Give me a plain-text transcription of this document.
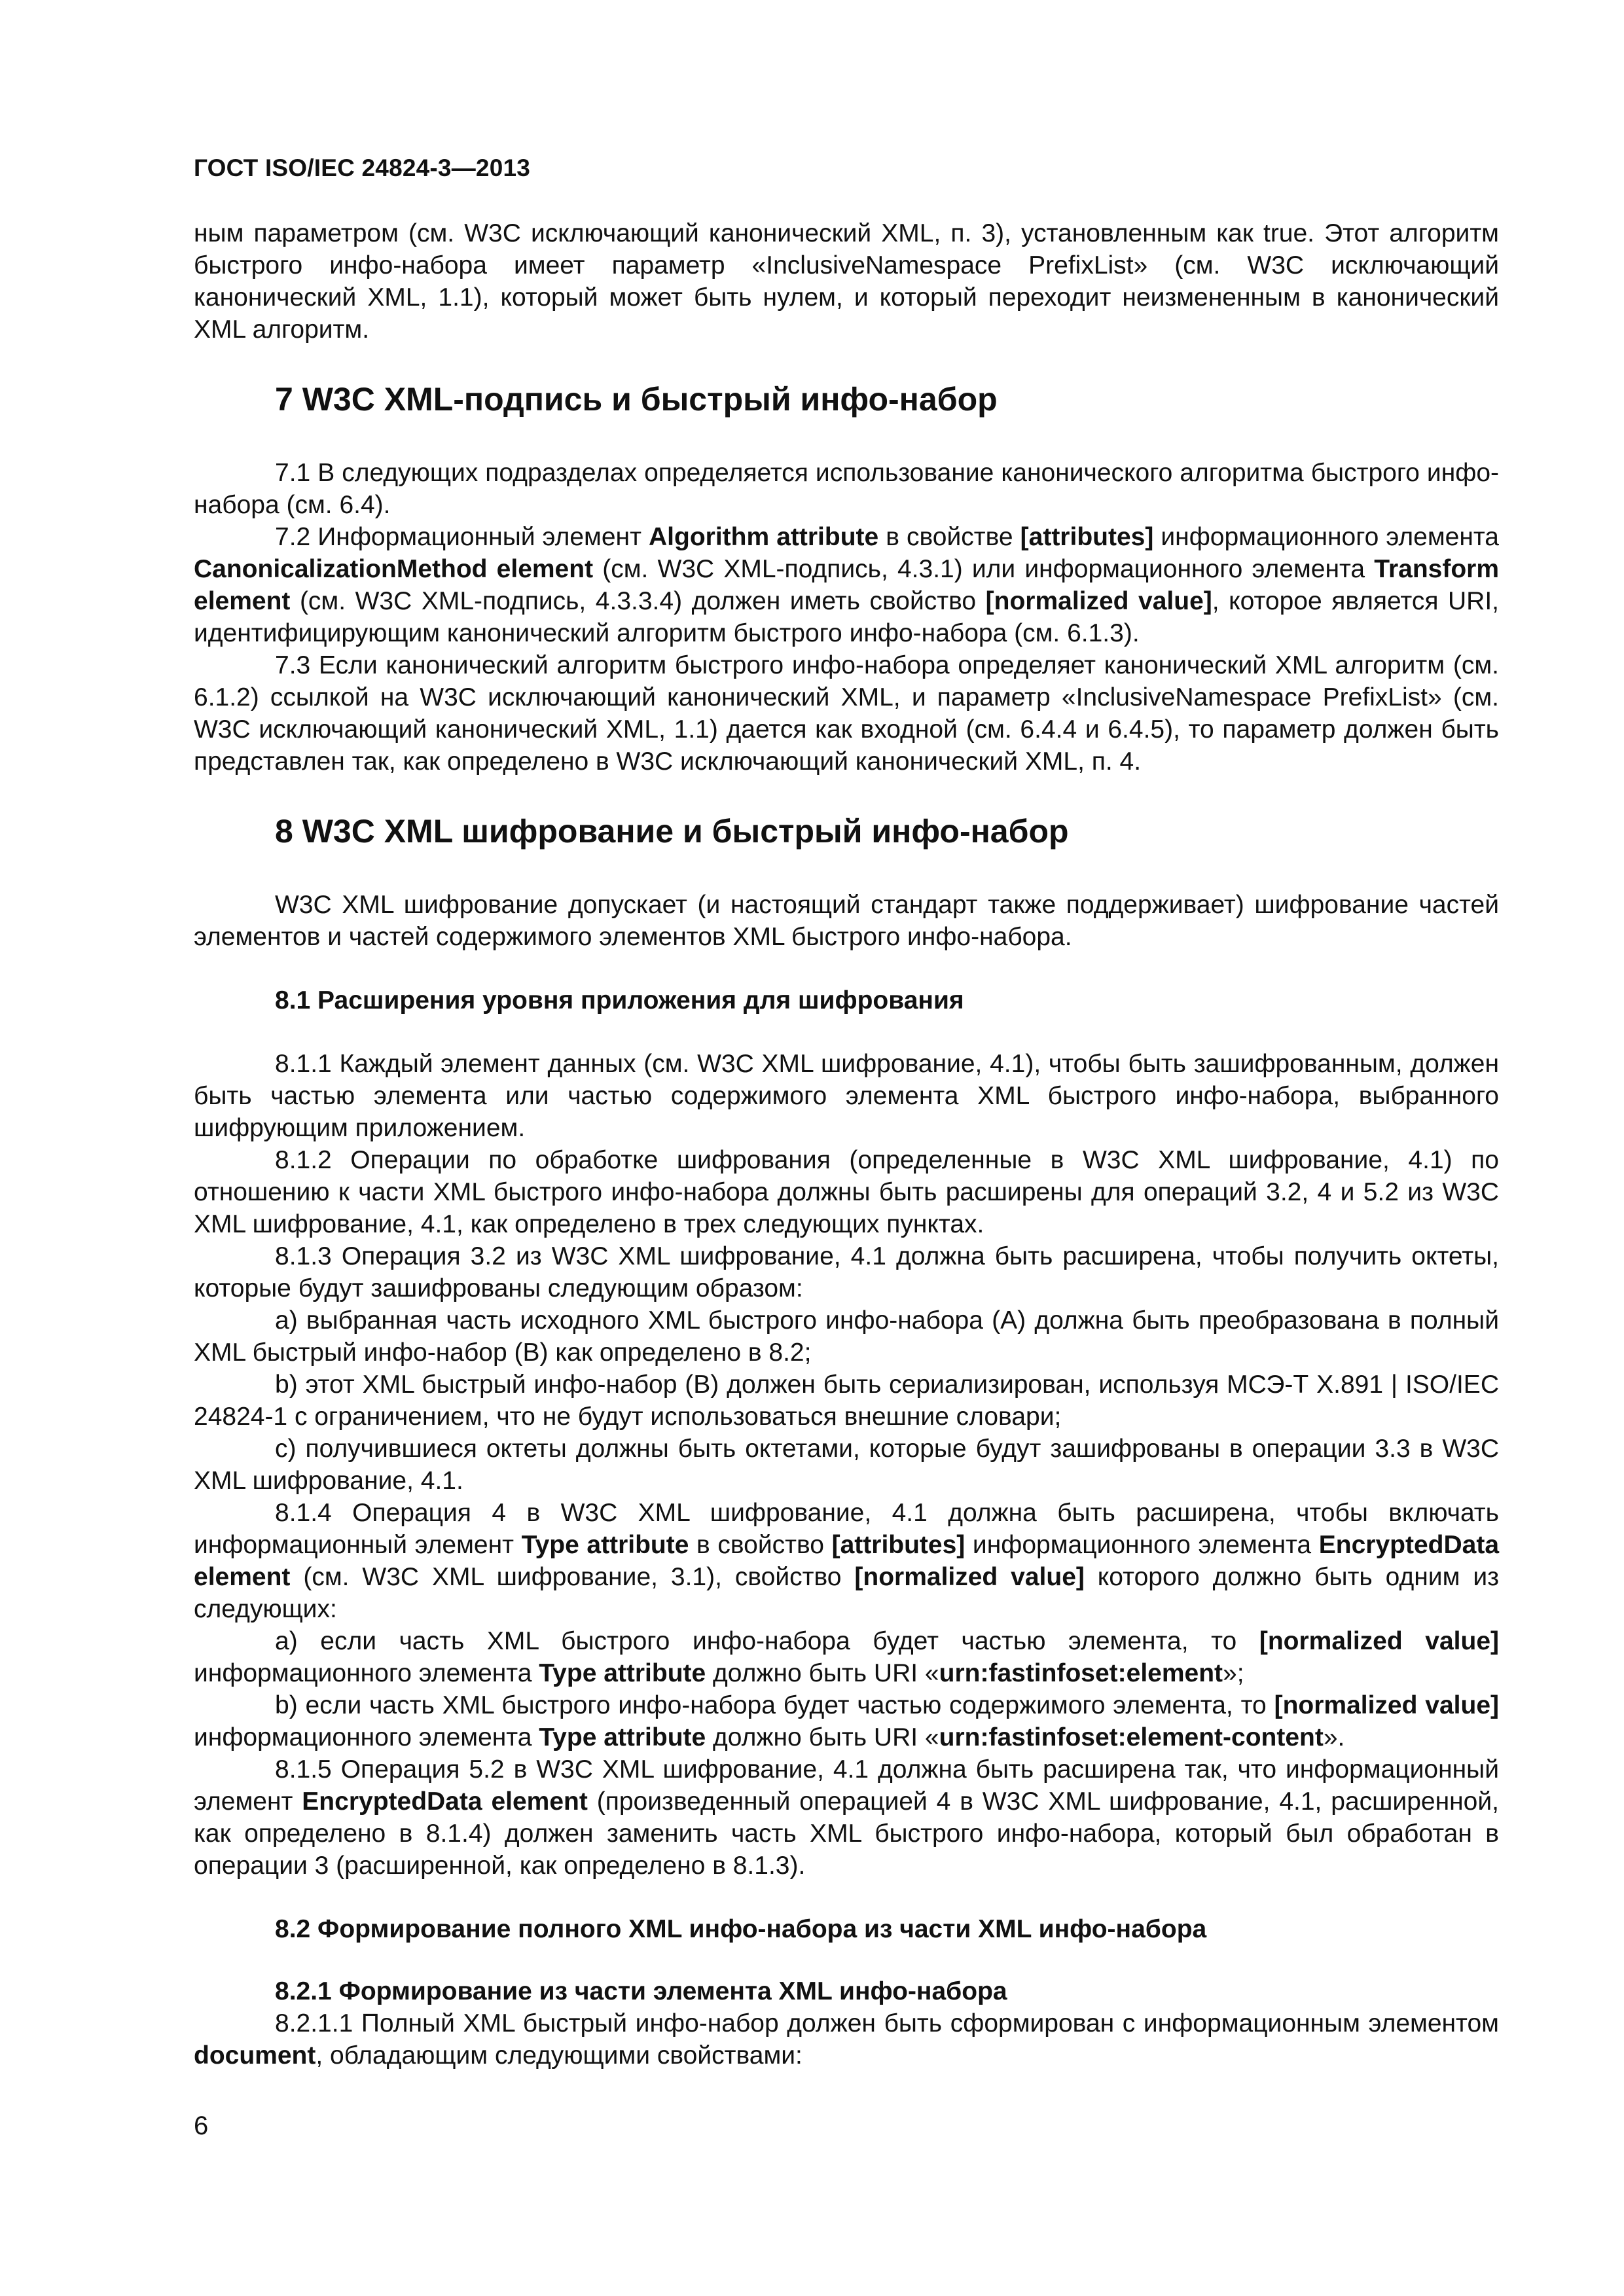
ГОСТ ISO/IEC 24824-3—2013

ным параметром (см. W3C исключающий канонический XML, п. 3), установленным как true. Этот алгоритм быстрого инфо-набора имеет параметр «InclusiveNamespace PrefixList» (см. W3C исключающий канонический XML, 1.1), который может быть нулем, и который переходит неизмененным в канонический XML алгоритм.

7 W3C XML-подпись и быстрый инфо-набор

7.1 В следующих подразделах определяется использование канонического алгоритма быстрого инфо-набора (см. 6.4).

7.2 Информационный элемент Algorithm attribute в свойстве [attributes] информационного элемента CanonicalizationMethod element (см. W3C XML-подпись, 4.3.1) или информационного элемента Transform element (см. W3C XML-подпись, 4.3.3.4) должен иметь свойство [normalized value], которое является URI, идентифицирующим канонический алгоритм быстрого инфо-набора (см. 6.1.3).

7.3 Если канонический алгоритм быстрого инфо-набора определяет канонический XML алгоритм (см. 6.1.2) ссылкой на W3C исключающий канонический XML, и параметр «InclusiveNamespace PrefixList» (см. W3C исключающий канонический XML, 1.1) дается как входной (см. 6.4.4 и 6.4.5), то параметр должен быть представлен так, как определено в W3C исключающий канонический XML, п. 4.

8 W3C XML шифрование и быстрый инфо-набор

W3C XML шифрование допускает (и настоящий стандарт также поддерживает) шифрование частей элементов и частей содержимого элементов XML быстрого инфо-набора.

8.1 Расширения уровня приложения для шифрования

8.1.1 Каждый элемент данных (см. W3C XML шифрование, 4.1), чтобы быть зашифрованным, должен быть частью элемента или частью содержимого элемента XML быстрого инфо-набора, выбранного шифрующим приложением.

8.1.2 Операции по обработке шифрования (определенные в W3C XML шифрование, 4.1) по отношению к части XML быстрого инфо-набора должны быть расширены для операций 3.2, 4 и 5.2 из W3C XML шифрование, 4.1, как определено в трех следующих пунктах.

8.1.3 Операция 3.2 из W3C XML шифрование, 4.1 должна быть расширена, чтобы получить октеты, которые будут зашифрованы следующим образом:

а) выбранная часть исходного XML быстрого инфо-набора (A) должна быть преобразована в полный XML быстрый инфо-набор (B) как определено в 8.2;

b) этот XML быстрый инфо-набор (B) должен быть сериализирован, используя МСЭ-Т X.891 | ISO/IEC 24824-1 с ограничением, что не будут использоваться внешние словари;

c) получившиеся октеты должны быть октетами, которые будут зашифрованы в операции 3.3 в W3C XML шифрование, 4.1.

8.1.4 Операция 4 в W3C XML шифрование, 4.1 должна быть расширена, чтобы включать информационный элемент Type attribute в свойство [attributes] информационного элемента EncryptedData element (см. W3C XML шифрование, 3.1), свойство [normalized value] которого должно быть одним из следующих:

а) если часть XML быстрого инфо-набора будет частью элемента, то [normalized value] информационного элемента Type attribute должно быть URI «urn:fastinfoset:element»;

b) если часть XML быстрого инфо-набора будет частью содержимого элемента, то [normalized value] информационного элемента Type attribute должно быть URI «urn:fastinfoset:element-content».

8.1.5 Операция 5.2 в W3C XML шифрование, 4.1 должна быть расширена так, что информационный элемент EncryptedData element (произведенный операцией 4 в W3C XML шифрование, 4.1, расширенной, как определено в 8.1.4) должен заменить часть XML быстрого инфо-набора, который был обработан в операции 3 (расширенной, как определено в 8.1.3).

8.2 Формирование полного XML инфо-набора из части XML инфо-набора

8.2.1 Формирование из части элемента XML инфо-набора

8.2.1.1 Полный XML быстрый инфо-набор должен быть сформирован с информационным элементом document, обладающим следующими свойствами:

6
